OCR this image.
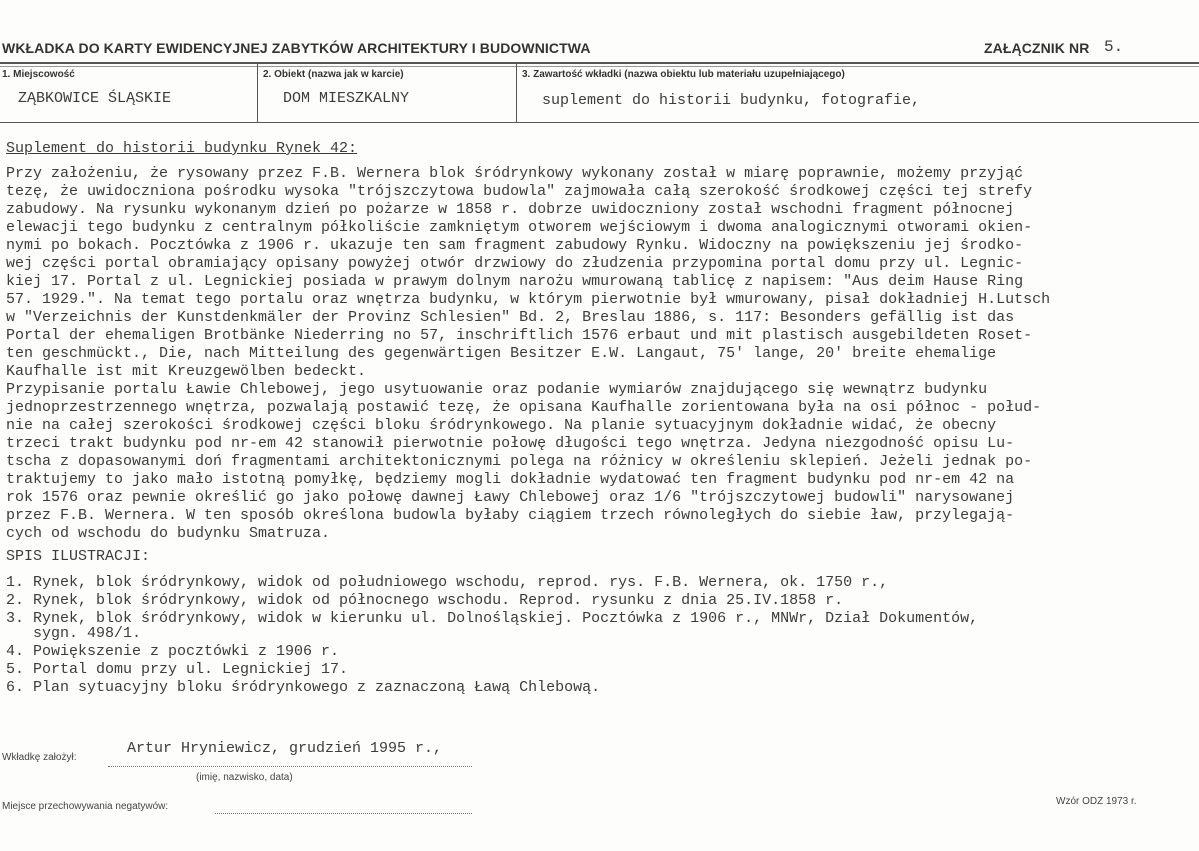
WKŁADKA DO KARTY EWIDENCYJNEJ ZABYTKÓW ARCHITEKTURY I BUDOWNICTWA	ZAŁĄCZNIK NR 5.
1. Miejscowość
ZĄBKOWICE ŚLĄSKIE
2. Obiekt (nazwa jak w karcie)
DOM MIESZKALNY
3. Zawartość wkładki (nazwa obiektu lub materiału uzupełniającego)
suplement do historii budynku, fotografie,
Suplement do historii budynku Rynek 42:
Przy założeniu, że rysowany przez F.B. Wernera blok śródrynkowy wykonany został w miarę poprawnie, możemy przyjąć
tezę, że uwidoczniona pośrodku wysoka "trójszczytowa budowla" zajmowała całą szerokość środkowej części tej strefy
zabudowy. Na rysunku wykonanym dzień po pożarze w 1858 r. dobrze uwidoczniony został wschodni fragment północnej
elewacji tego budynku z centralnym półkoliście zamkniętym otworem wejściowym i dwoma analogicznymi otworami okien-
nymi po bokach. Pocztówka z 1906 r. ukazuje ten sam fragment zabudowy Rynku. Widoczny na powiększeniu jej środko-
wej części portal obramiający opisany powyżej otwór drzwiowy do złudzenia przypomina portal domu przy ul. Legnic-
kiej 17. Portal z ul. Legnickiej posiada w prawym dolnym narożu wmurowaną tablicę z napisem: "Aus deim Hause Ring
57. 1929.". Na temat tego portalu oraz wnętrza budynku, w którym pierwotnie był wmurowany, pisał dokładniej H.Lutsch
w "Verzeichnis der Kunstdenkmäler der Provinz Schlesien" Bd. 2, Breslau 1886, s. 117: Besonders gefällig ist das
Portal der ehemaligen Brotbänke Niederring no 57, inschriftlich 1576 erbaut und mit plastisch ausgebildeten Roset-
ten geschmückt., Die, nach Mitteilung des gegenwärtigen Besitzer E.W. Langaut, 75' lange, 20' breite ehemalige
Kaufhalle ist mit Kreuzgewölben bedeckt.
Przypisanie portalu Ławie Chlebowej, jego usytuowanie oraz podanie wymiarów znajdującego się wewnątrz budynku
jednoprzestrzennego wnętrza, pozwalają postawić tezę, że opisana Kaufhalle zorientowana była na osi północ - połud-
nie na całej szerokości środkowej części bloku śródrynkowego. Na planie sytuacyjnym dokładnie widać, że obecny
trzeci trakt budynku pod nr-em 42 stanowił pierwotnie połowę długości tego wnętrza. Jedyna niezgodność opisu Lu-
tscha z dopasowanymi doń fragmentami architektonicznymi polega na różnicy w określeniu sklepień. Jeżeli jednak po-
traktujemy to jako mało istotną pomyłkę, będziemy mogli dokładnie wydatować ten fragment budynku pod nr-em 42 na
rok 1576 oraz pewnie określić go jako połowę dawnej Ławy Chlebowej oraz 1/6 "trójszczytowej budowli" narysowanej
przez F.B. Wernera. W ten sposób określona budowla byłaby ciągiem trzech równoległych do siebie ław, przylegają-
cych od wschodu do budynku Smatruza.
SPIS ILUSTRACJI:
1. Rynek, blok śródrynkowy, widok od południowego wschodu, reprod. rys. F.B. Wernera, ok. 1750 r.,
2. Rynek, blok śródrynkowy, widok od północnego wschodu. Reprod. rysunku z dnia 25.IV.1858 r.
3. Rynek, blok śródrynkowy, widok w kierunku ul. Dolnośląskiej. Pocztówka z 1906 r., MNWr, Dział Dokumentów,
sygn. 498/1.
4. Powiększenie z pocztówki z 1906 r.
5. Portal domu przy ul. Legnickiej 17.
6. Plan sytuacyjny bloku śródrynkowego z zaznaczoną Ławą Chlebową.
Artur Hryniewicz, grudzień 1995 r.,
Wkładkę założył:
(imię, nazwisko, data)
Miejsce przechowywania negatywów:	Wzór ODZ 1973 r.
